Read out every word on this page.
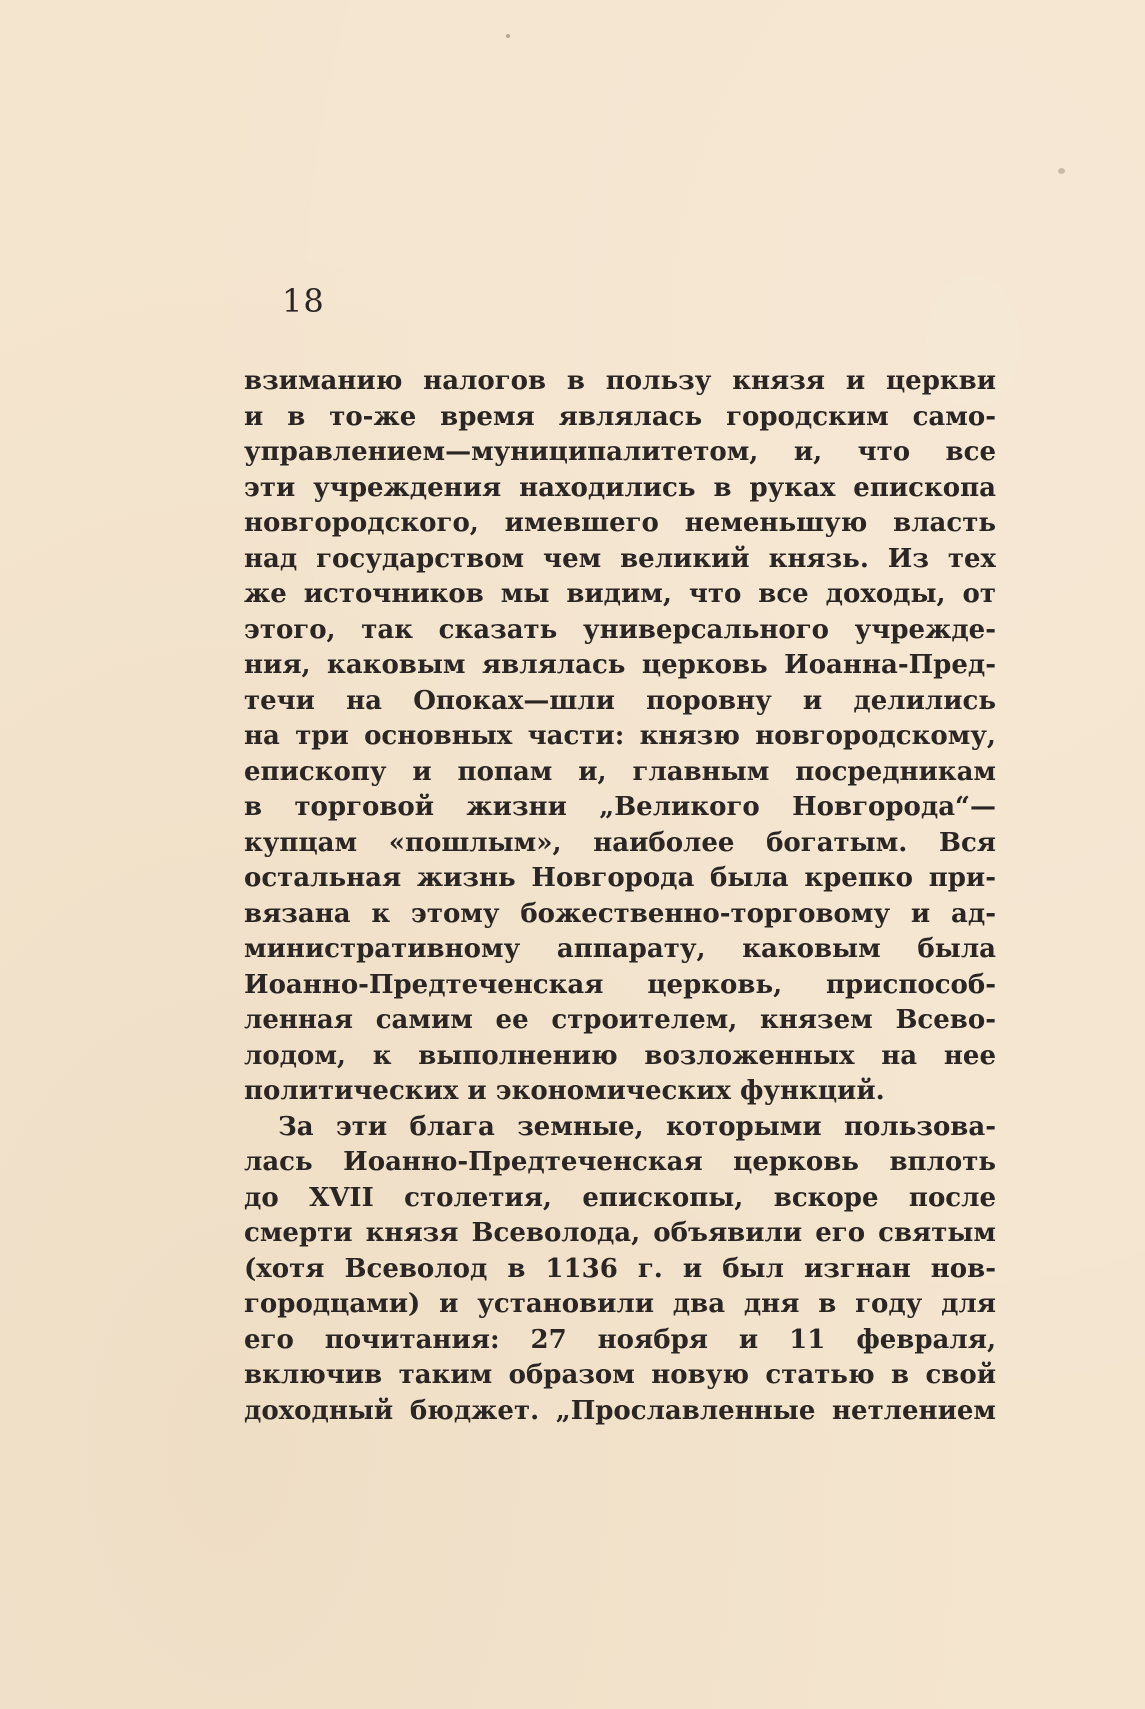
18
взиманию налогов в пользу князя и церкви
и в то-же время являлась городским само-
управлением—муниципалитетом, и, что все
эти учреждения находились в руках епископа
новгородского, имевшего неменьшую власть
над государством чем великий князь. Из тех
же источников мы видим, что все доходы, от
этого, так сказать универсального учрежде-
ния, каковым являлась церковь Иоанна-Пред-
течи на Опоках—шли поровну и делились
на три основных части: князю новгородскому,
епископу и попам и, главным посредникам
в торговой жизни „Великого Новгорода“—
купцам «пошлым», наиболее богатым. Вся
остальная жизнь Новгорода была крепко при-
вязана к этому божественно-торговому и ад-
министративному аппарату, каковым была
Иоанно-Предтеченская церковь, приспособ-
ленная самим ее строителем, князем Всево-
лодом, к выполнению возложенных на нее
политических и экономических функций.
За эти блага земные, которыми пользова-
лась Иоанно-Предтеченская церковь вплоть
до XVII столетия, епископы, вскоре после
смерти князя Всеволода, объявили его святым
(хотя Всеволод в 1136 г. и был изгнан нов-
городцами) и установили два дня в году для
его почитания: 27 ноября и 11 февраля,
включив таким образом новую статью в свой
доходный бюджет. „Прославленные нетлением
